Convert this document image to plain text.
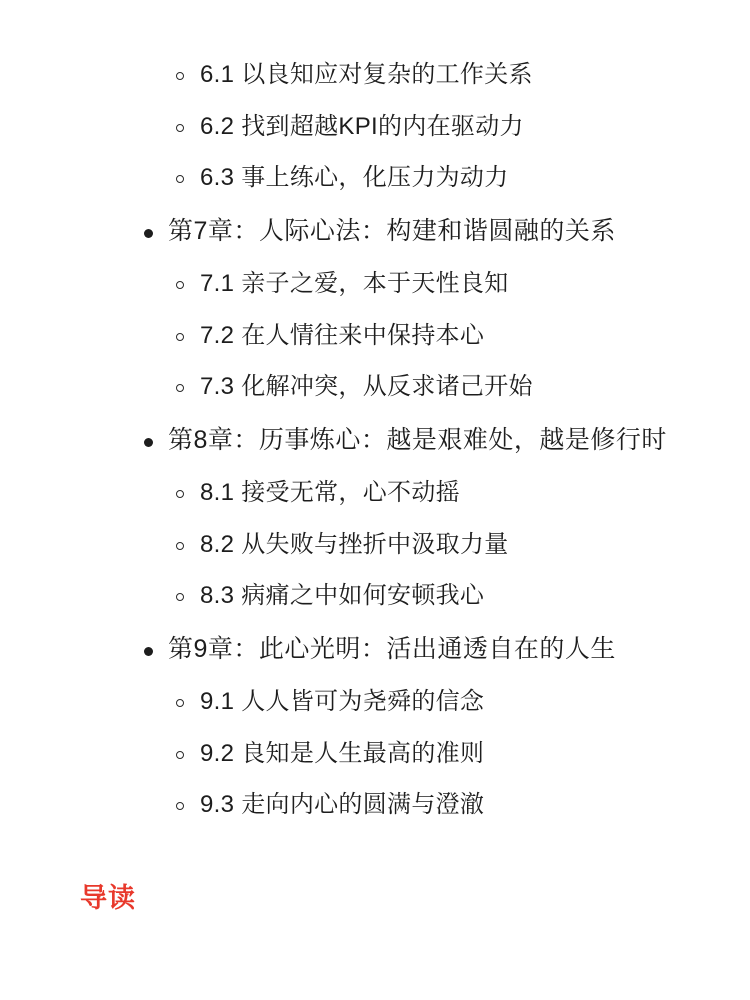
6.1 以良知应对复杂的工作关系
6.2 找到超越KPI的内在驱动力
6.3 事上练心，化压力为动力
第7章：人际心法：构建和谐圆融的关系
7.1 亲子之爱，本于天性良知
7.2 在人情往来中保持本心
7.3 化解冲突，从反求诸己开始
第8章：历事炼心：越是艰难处，越是修行时
8.1 接受无常，心不动摇
8.2 从失败与挫折中汲取力量
8.3 病痛之中如何安顿我心
第9章：此心光明：活出通透自在的人生
9.1 人人皆可为尧舜的信念
9.2 良知是人生最高的准则
9.3 走向内心的圆满与澄澈
导读
